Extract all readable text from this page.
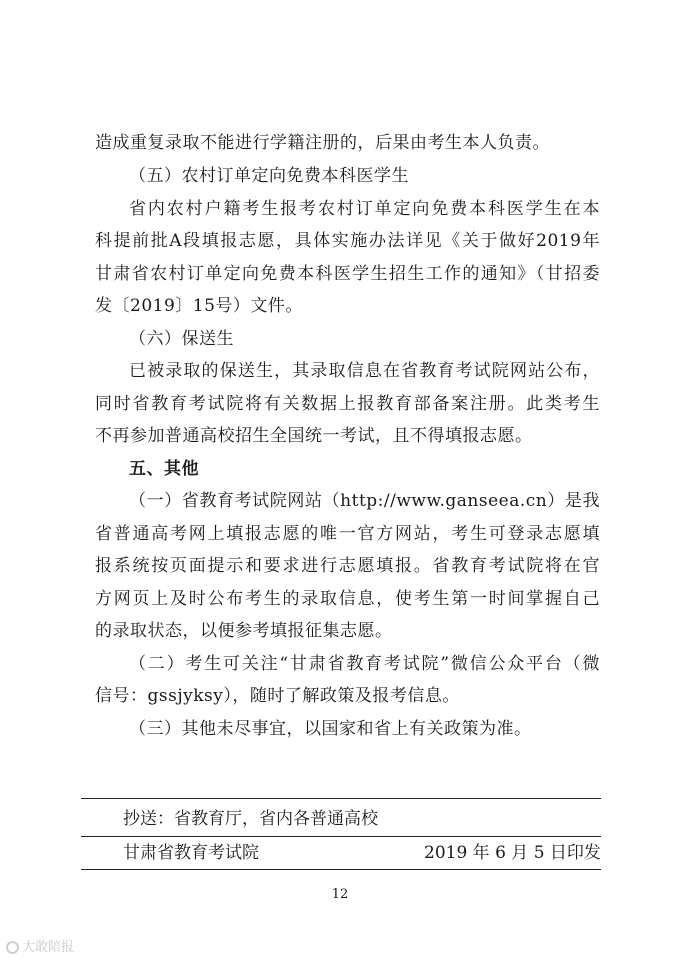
造成重复录取不能进行学籍注册的，后果由考生本人负责。
（五）农村订单定向免费本科医学生
省内农村户籍考生报考农村订单定向免费本科医学生在本
科提前批A段填报志愿，具体实施办法详见《关于做好2019年
甘肃省农村订单定向免费本科医学生招生工作的通知》（甘招委
发〔2019〕15号）文件。
（六）保送生
已被录取的保送生，其录取信息在省教育考试院网站公布，
同时省教育考试院将有关数据上报教育部备案注册。此类考生
不再参加普通高校招生全国统一考试，且不得填报志愿。
五、其他
（一）省教育考试院网站（http://www.ganseea.cn）是我
省普通高考网上填报志愿的唯一官方网站，考生可登录志愿填
报系统按页面提示和要求进行志愿填报。省教育考试院将在官
方网页上及时公布考生的录取信息，使考生第一时间掌握自己
的录取状态，以便参考填报征集志愿。
（二）考生可关注“甘肃省教育考试院”微信公众平台（微
信号：gssjyksy），随时了解政策及报考信息。
（三）其他未尽事宜，以国家和省上有关政策为准。
抄送：省教育厅，省内各普通高校
甘肃省教育考试院	2019 年 6 月 5 日印发
12
大敢陪报
